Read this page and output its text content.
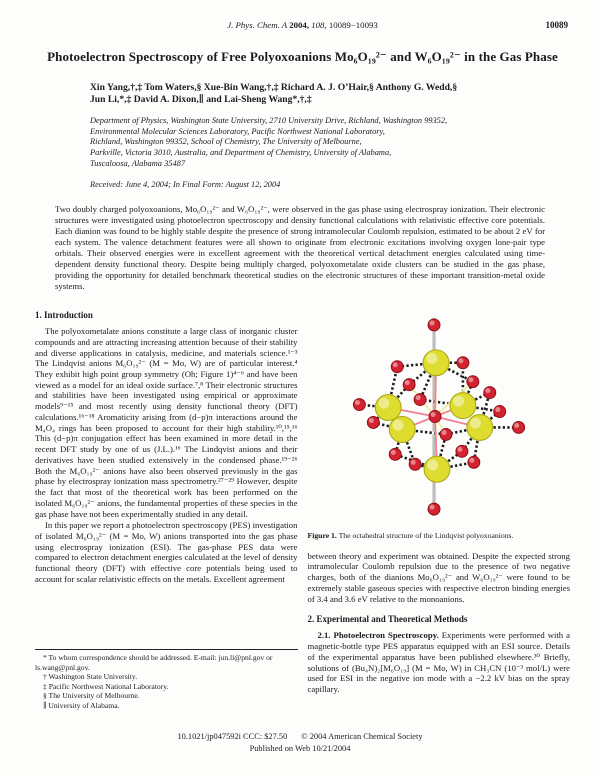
J. Phys. Chem. A 2004, 108, 10089−10093	10089
Photoelectron Spectroscopy of Free Polyoxoanions Mo₆O₁₉²⁻ and W₆O₁₉²⁻ in the Gas Phase
Xin Yang,†,‡ Tom Waters,§ Xue-Bin Wang,†,‡ Richard A. J. O’Hair,§ Anthony G. Wedd,§
Jun Li,*,‡ David A. Dixon,∥ and Lai-Sheng Wang*,†,‡
Department of Physics, Washington State University, 2710 University Drive, Richland, Washington 99352,
Environmental Molecular Sciences Laboratory, Pacific Northwest National Laboratory,
Richland, Washington 99352, School of Chemistry, The University of Melbourne,
Parkville, Victoria 3010, Australia, and Department of Chemistry, University of Alabama,
Tuscaloosa, Alabama 35487
Received: June 4, 2004; In Final Form: August 12, 2004
Two doubly charged polyoxoanions, Mo₆O₁₉²⁻ and W₆O₁₉²⁻, were observed in the gas phase using electrospray ionization. Their electronic structures were investigated using photoelectron spectroscopy and density functional calculations with relativistic effective core potentials. Each dianion was found to be highly stable despite the presence of strong intramolecular Coulomb repulsion, estimated to be about 2 eV for each system. The valence detachment features were all shown to originate from electronic excitations involving oxygen lone-pair type orbitals. Their observed energies were in excellent agreement with the theoretical vertical detachment energies calculated using time-dependent density functional theory. Despite being multiply charged, polyoxometalate oxide clusters can be studied in the gas phase, providing the opportunity for detailed benchmark theoretical studies on the electronic structures of these important transition-metal oxide systems.
1. Introduction

The polyoxometalate anions constitute a large class of inorganic cluster compounds and are attracting increasing attention because of their stability and diverse applications in catalysis, medicine, and materials science.¹⁻³ The Lindqvist anions M₆O₁₉²⁻ (M = Mo, W) are of particular interest.⁴ They exhibit high point group symmetry (Oh; Figure 1)⁴⁻⁶ and have been viewed as a model for an ideal oxide surface.⁷,⁸ Their electronic structures and stabilities have been investigated using empirical or approximate models⁹⁻¹⁵ and most recently using density functional theory (DFT) calculations.¹⁶⁻¹⁸ Aromaticity arising from (d−p)π interactions around the M₄O₄ rings has been proposed to account for their high stability.¹⁰,¹⁵,¹⁶ This (d−p)π conjugation effect has been examined in more detail in the recent DFT study by one of us (J.L.).¹⁶ The Lindqvist anions and their derivatives have been studied extensively in the condensed phase.¹⁹⁻²⁶ Both the M₆O₁₉²⁻ anions have also been observed previously in the gas phase by electrospray ionization mass spectrometry.²⁷⁻²⁹ However, despite the fact that most of the theoretical work has been performed on the isolated M₆O₁₉²⁻ anions, the fundamental properties of these species in the gas phase have not been experimentally studied in any detail.

In this paper we report a photoelectron spectroscopy (PES) investigation of isolated M₆O₁₉²⁻ (M = Mo, W) anions transported into the gas phase using electrospray ionization (ESI). The gas-phase PES data were compared to electron detachment energies calculated at the level of density functional theory (DFT) with effective core potentials being used to account for scalar relativistic effects on the metals. Excellent agreement

* To whom correspondence should be addressed. E-mail: jun.li@pnl.gov or ls.wang@pnl.gov.
† Washington State University.
‡ Pacific Northwest National Laboratory.
§ The University of Melbourne.
∥ University of Alabama.
Figure 1. The octahedral structure of the Lindqvist polyoxoanions.

between theory and experiment was obtained. Despite the expected strong intramolecular Coulomb repulsion due to the presence of two negative charges, both of the dianions Mo₆O₁₉²⁻ and W₆O₁₉²⁻ were found to be extremely stable gaseous species with respective electron binding energies of 3.4 and 3.6 eV relative to the monoanions.

2. Experimental and Theoretical Methods

2.1. Photoelectron Spectroscopy. Experiments were performed with a magnetic-bottle type PES apparatus equipped with an ESI source. Details of the experimental apparatus have been published elsewhere.³⁰ Briefly, solutions of (Bu₄N)₂[M₆O₁₉] (M = Mo, W) in CH₃CN (10⁻³ mol/L) were used for ESI in the negative ion mode with a −2.2 kV bias on the spray capillary.

10.1021/jp047592i CCC: $27.50 © 2004 American Chemical Society
Published on Web 10/21/2004
